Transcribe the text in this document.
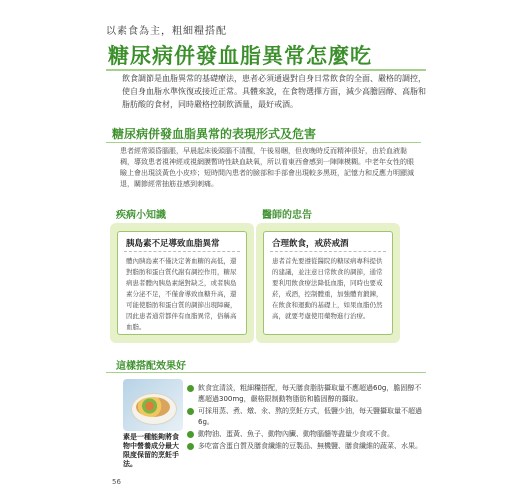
以素食為主，粗細糧搭配
糖尿病併發血脂異常怎麼吃
飲食調節是血脂異常的基礎療法，患者必須通過對自身日常飲食的全面、嚴格的調控，使自身血脂水準恢復或接近正常。具體來說，在食物選擇方面，減少高膽固醇、高脂和脂肪酸的食材，同時嚴格控制飲酒量，最好戒酒。
糖尿病併發血脂異常的表現形式及危害
患者經常頭昏腦脹，早晨起床後頭腦不清醒，午後易睏，但夜晚時反而精神很好，由於血液黏稠，導致患者視神經或視網膜暫時性缺血缺氧，所以看東西會感到一陣陣模糊。中老年女性的眼瞼上會出現淡黃色小皮疹；短時間內患者的臉部和手部會出現較多黑斑，記憶力和反應力明顯減退，關節經常抽筋並感到刺痛。
疾病小知識
胰島素不足導致血脂異常
體內胰島素不僅決定著血糖的高低，還對脂肪和蛋白質代謝有調控作用，糖尿病患者體內胰島素絕對缺乏，或者胰島素分泌不足，不僅會導致血糖升高，還可能使脂肪和蛋白質的調節出現障礙，因此患者通常都伴有血脂異常，俗稱高血脂。
醫師的忠告
合理飲食，戒菸戒酒
患者首先要遵從醫院的糖尿病專科提供的建議，並注意日常飲食的調節，通常要利用飲食療法降低血脂，同時也要戒菸，戒酒，控制體重，加強體育鍛鍊，在飲食和運動的基礎上，如果血脂仍然高，就要考慮使用藥物進行治療。
這樣搭配效果好
素是一種能夠將食物中營養成分最大限度保留的烹飪手法。
飲食宜清淡，粗細糧搭配，每天膳食脂肪攝取量不應超過60g，膽固醇不應超過300mg，嚴格限制動物脂肪和膽固醇的攝取。
可採用蒸、煮、燉、汆、熬的烹飪方式，低鹽少油，每天鹽攝取量不超過6g。
動物油、蛋黃、魚子、動物內臟、動物腦髓等盡量少食或不食。
多吃富含蛋白質及膳食纖維的豆製品、無機鹽、膳食纖維的蔬菜、水果。
56
